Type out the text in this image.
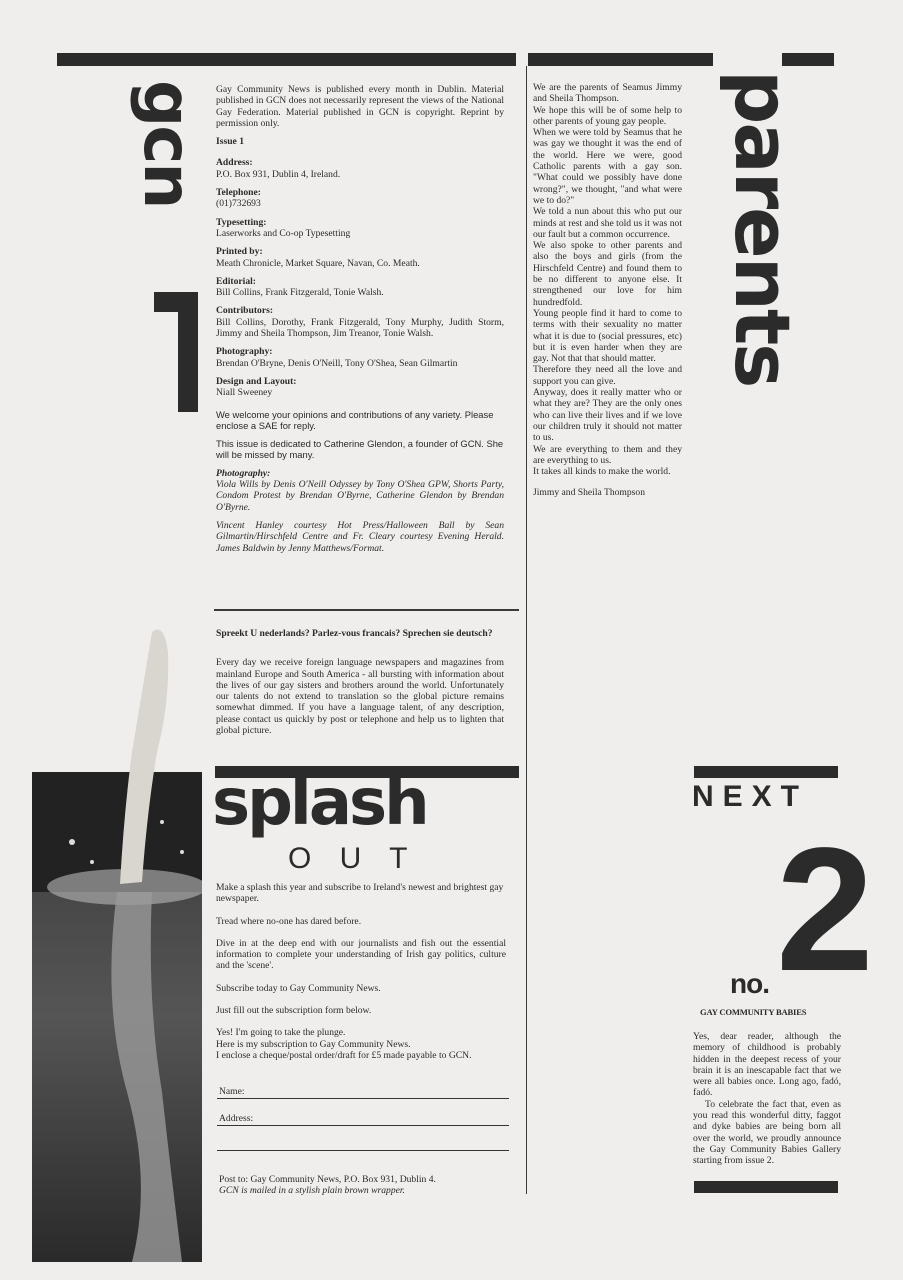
gcn Gay Community News is published every month in Dublin. Material published in GCN does not necessarily represent the views of the National Gay Federation. Material published in GCN is copyright. Reprint by permission only.

Issue 1

Address:
P.O. Box 931, Dublin 4, Ireland.

Telephone:
(01)732693

Typesetting:
Laserworks and Co-op Typesetting

Printed by:
Meath Chronicle, Market Square, Navan, Co. Meath.

Editorial:
Bill Collins, Frank Fitzgerald, Tonie Walsh.

Contributors:
Bill Collins, Dorothy, Frank Fitzgerald, Tony Murphy, Judith Storm, Jimmy and Sheila Thompson, Jim Treanor, Tonie Walsh.

Photography:
Brendan O'Bryne, Denis O'Neill, Tony O'Shea, Sean Gilmartin

Design and Layout:
Niall Sweeney

We welcome your opinions and contributions of any variety. Please enclose a SAE for reply.

This issue is dedicated to Catherine Glendon, a founder of GCN. She will be missed by many.

Photography:
Viola Wills by Denis O'Neill Odyssey by Tony O'Shea GPW, Shorts Party, Condom Protest by Brendan O'Byrne, Catherine Glendon by Brendan O'Byrne.

Vincent Hanley courtesy Hot Press/Halloween Ball by Sean Gilmartin/Hirschfeld Centre and Fr. Cleary courtesy Evening Herald. James Baldwin by Jenny Matthews/Format.

Spreekt U nederlands? Parlez-vous francais? Sprechen sie deutsch?

Every day we receive foreign language newspapers and magazines from mainland Europe and South America - all bursting with information about the lives of our gay sisters and brothers around the world. Unfortunately our talents do not extend to translation so the global picture remains somewhat dimmed. If you have a language talent, of any description, please contact us quickly by post or telephone and help us to lighten that global picture.

We are the parents of Seamus Jimmy and Sheila Thompson.
We hope this will be of some help to other parents of young gay people.
When we were told by Seamus that he was gay we thought it was the end of the world. Here we were, good Catholic parents with a gay son. "What could we possibly have done wrong?", we thought, "and what were we to do?"
We told a nun about this who put our minds at rest and she told us it was not our fault but a common occurrence.
We also spoke to other parents and also the boys and girls (from the Hirschfeld Centre) and found them to be no different to anyone else. It strengthened our love for him hundredfold.
Young people find it hard to come to terms with their sexuality no matter what it is due to (social pressures, etc) but it is even harder when they are gay. Not that that should matter.
Therefore they need all the love and support you can give.
Anyway, does it really matter who or what they are? They are the only ones who can live their lives and if we love our children truly it should not matter to us.
We are everything to them and they are everything to us.
It takes all kinds to make the world.
Jimmy and Sheila Thompson
parents
splash
O U T

Make a splash this year and subscribe to Ireland's newest and brightest gay newspaper.

Tread where no-one has dared before.

Dive in at the deep end with our journalists and fish out the essential information to complete your understanding of Irish gay politics, culture and the 'scene'.

Subscribe today to Gay Community News.

Just fill out the subscription form below.

Yes! I'm going to take the plunge.
Here is my subscription to Gay Community News.
I enclose a cheque/postal order/draft for £5 made payable to GCN.
Name:
Address:
Post to: Gay Community News, P.O. Box 931, Dublin 4.
GCN is mailed in a stylish plain brown wrapper.
NEXT
2
no.
GAY COMMUNITY BABIES
Yes, dear reader, although the memory of childhood is probably hidden in the deepest recess of your brain it is an inescapable fact that we were all babies once. Long ago, fadó, fadó.
To celebrate the fact that, even as you read this wonderful ditty, faggot and dyke babies are being born all over the world, we proudly announce the Gay Community Babies Gallery starting from issue 2.
